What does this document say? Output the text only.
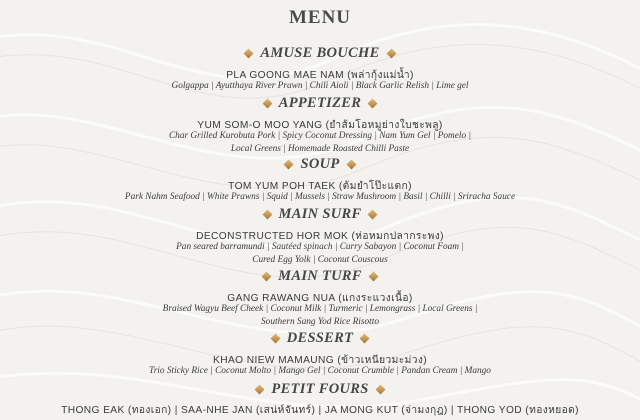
MENU
AMUSE BOUCHE
PLA GOONG MAE NAM (พล่ากุ้งแม่น้ำ)
Golgappa | Ayutthaya River Prawn | Chili Aioli | Black Garlic Relish | Lime gel
APPETIZER
YUM SOM-O MOO YANG (ยำส้มโอหมูย่างใบชะพลู)
Char Grilled Kurobuta Pork | Spicy Coconut Dressing | Nam Yum Gel | Pomelo |
Local Greens | Homemade Roasted Chilli Paste
SOUP
TOM YUM POH TAEK (ต้มยำโป๊ะแตก)
Park Nahm Seafood | White Prawns | Squid | Mussels | Straw Mushroom | Basil | Chilli | Sriracha Sauce
MAIN SURF
DECONSTRUCTED HOR MOK (ห่อหมกปลากระพง)
Pan seared barramundi | Sautéed spinach | Curry Sabayon | Coconut Foam |
Cured Egg Yolk | Coconut Couscous
MAIN TURF
GANG RAWANG NUA (แกงระแวงเนื้อ)
Braised Wagyu Beef Cheek | Coconut Milk | Turmeric | Lemongrass | Local Greens |
Southern Sang Yod Rice Risotto
DESSERT
KHAO NIEW MAMAUNG (ข้าวเหนียวมะม่วง)
Trio Sticky Rice | Coconut Molto | Mango Gel | Coconut Crumble | Pandan Cream | Mango
PETIT FOURS
THONG EAK (ทองเอก) | SAA-NHE JAN (เสน่ห์จันทร์) | JA MONG KUT (จ่ามงกุฎ) | THONG YOD (ทองหยอด)
